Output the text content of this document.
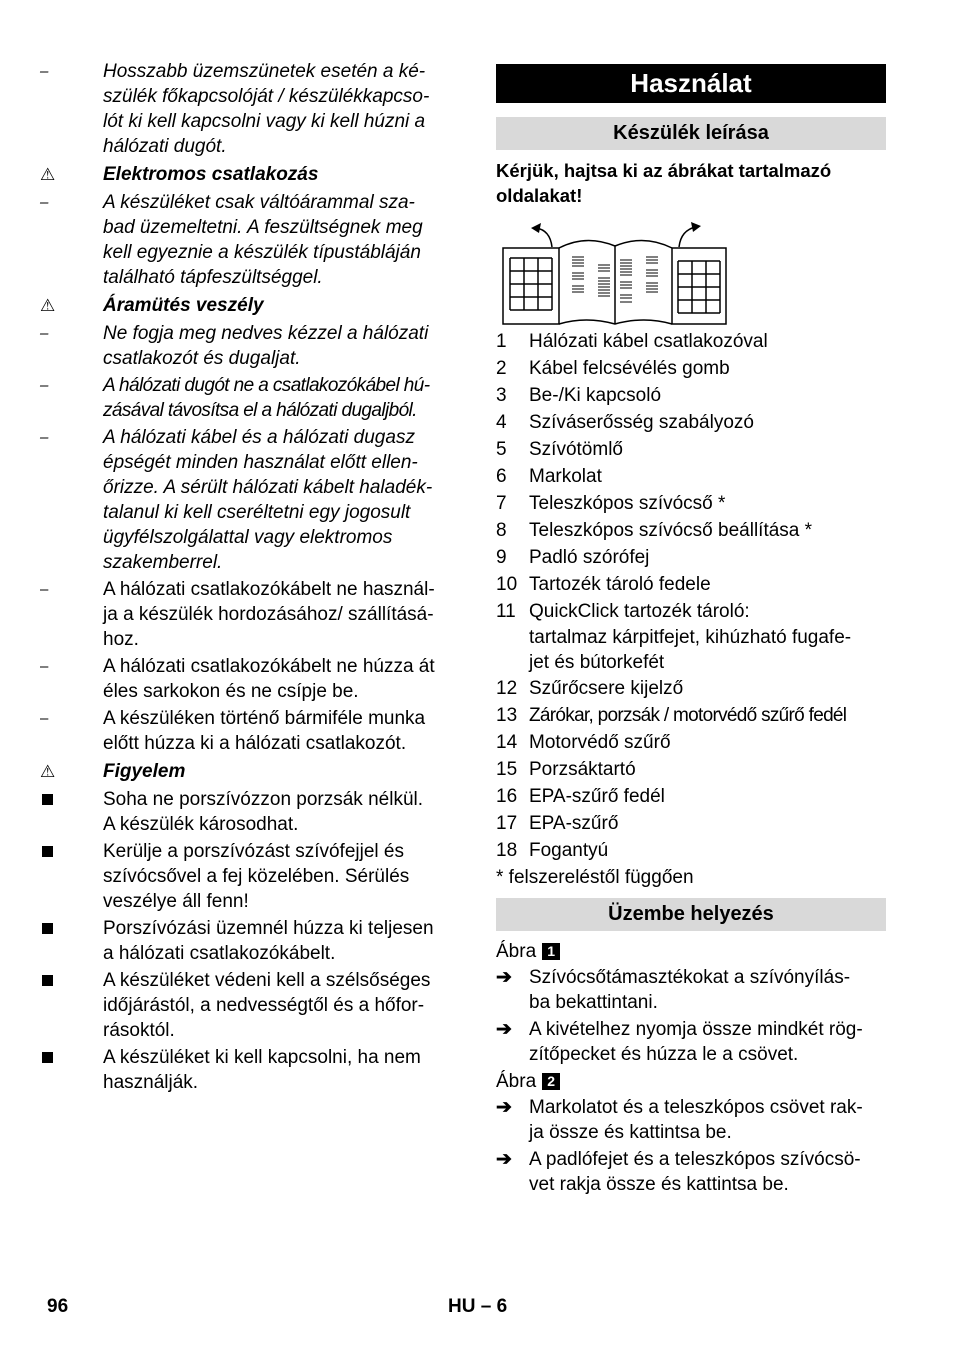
–	Hosszabb üzemszünetek esetén a ké-
szülék főkapcsolóját / készülékkapcso-
lót ki kell kapcsolni vagy ki kell húzni a
hálózati dugót.
⚠	Elektromos csatlakozás
–	A készüléket csak váltóárammal sza-
bad üzemeltetni. A feszültségnek meg
kell egyeznie a készülék típustábláján
található tápfeszültséggel.
⚠	Áramütés veszély
–	Ne fogja meg nedves kézzel a hálózati
csatlakozót és dugaljat.
–	A hálózati dugót ne a csatlakozókábel hú-
zásával távosítsa el a hálózati dugaljból.
–	A hálózati kábel és a hálózati dugasz
épségét minden használat előtt ellen-
őrizze. A sérült hálózati kábelt haladék-
talanul ki kell cseréltetni egy jogosult
ügyfélszolgálattal vagy elektromos
szakemberrel.
–	A hálózati csatlakozókábelt ne használ-
ja a készülék hordozásához/ szállításá-
hoz.
–	A hálózati csatlakozókábelt ne húzza át
éles sarkokon és ne csípje be.
–	A készüléken történő bármiféle munka
előtt húzza ki a hálózati csatlakozót.
⚠	Figyelem
Soha ne porszívózzon porzsák nélkül.
A készülék károsodhat.
Kerülje a porszívózást szívófejjel és
szívócsővel a fej közelében. Sérülés
veszélye áll fenn!
Porszívózási üzemnél húzza ki teljesen
a hálózati csatlakozókábelt.
A készüléket védeni kell a szélsőséges
időjárástól, a nedvességtől és a hőfor-
rásoktól.
A készüléket ki kell kapcsolni, ha nem
használják.
Használat
Készülék leírása
Kérjük, hajtsa ki az ábrákat tartalmazó
oldalakat!
1	Hálózati kábel csatlakozóval
2	Kábel felcsévélés gomb
3	Be-/Ki kapcsoló
4	Szíváserősség szabályozó
5	Szívótömlő
6	Markolat
7	Teleszkópos szívócső *
8	Teleszkópos szívócső beállítása *
9	Padló szórófej
10 Tartozék tároló fedele
11 QuickClick tartozék tároló:
tartalmaz kárpitfejet, kihúzható fugafe-
jet és bútorkefét
12 Szűrőcsere kijelző
13 Zárókar, porzsák / motorvédő szűrő fedél
14 Motorvédő szűrő
15 Porzsáktartó
16 EPA-szűrő fedél
17 EPA-szűrő
18 Fogantyú
* felszereléstől függően
Üzembe helyezés
Ábra 1
➔ Szívócsőtámasztékokat a szívónyílás-
ba bekattintani.
➔ A kivételhez nyomja össze mindkét rög-
zítőpecket és húzza le a csövet.
Ábra 2
➔ Markolatot és a teleszkópos csövet rak-
ja össze és kattintsa be.
➔ A padlófejet és a teleszkópos szívócsö-
vet rakja össze és kattintsa be.
96	HU – 6
